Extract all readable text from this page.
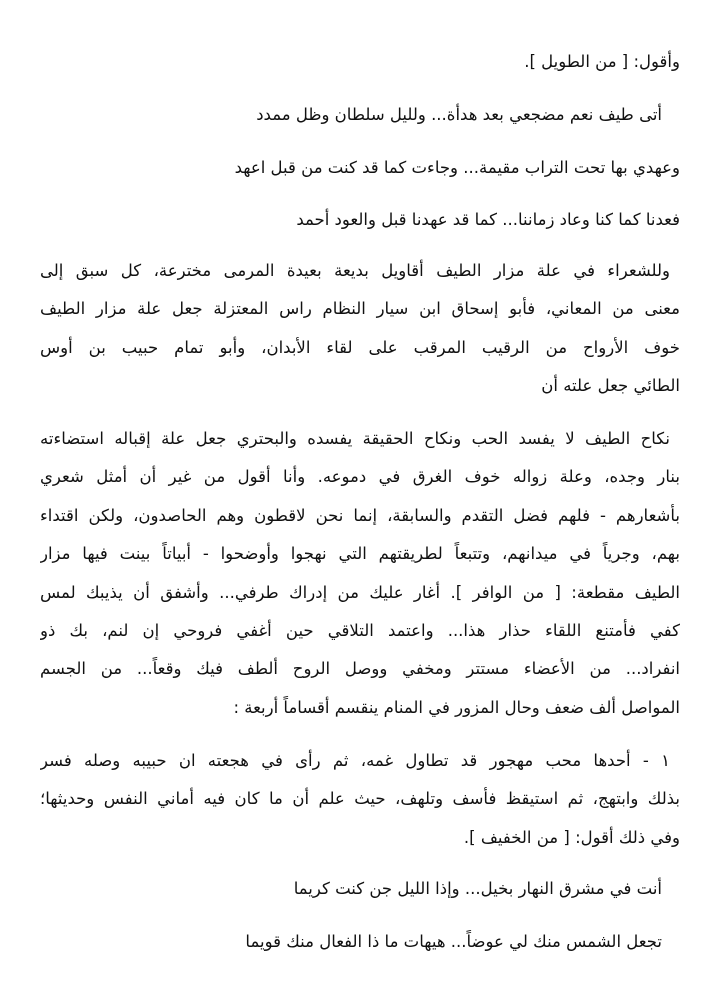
وأقول: [ من الطويل ].
أتى طيف نعم مضجعي بعد هدأة... ولليل سلطان وظل ممدد
وعهدي بها تحت التراب مقيمة... وجاءت كما قد كنت من قبل اعهد
فعدنا كما كنا وعاد زماننا... كما قد عهدنا قبل والعود أحمد
وللشعراء في علة مزار الطيف أقاويل بديعة بعيدة المرمى مخترعة، كل سبق إلى
معنى من المعاني، فأبو إسحاق ابن سيار النظام راس المعتزلة جعل علة مزار الطيف
خوف الأرواح من الرقيب المرقب على لقاء الأبدان، وأبو تمام حبيب بن أوس
الطائي جعل علته أن
نكاح الطيف لا يفسد الحب ونكاح الحقيقة يفسده والبحتري جعل علة إقباله استضاءته
بنار وجده، وعلة زواله خوف الغرق في دموعه. وأنا أقول من غير أن أمثل شعري
بأشعارهم - فلهم فضل التقدم والسابقة، إنما نحن لاقطون وهم الحاصدون، ولكن اقتداء
بهم، وجرياً في ميدانهم، وتتبعاً لطريقتهم التي نهجوا وأوضحوا - أبياتاً بينت فيها مزار
الطيف مقطعة: [ من الوافر ]. أغار عليك من إدراك طرفي... وأشفق أن يذيبك لمس
كفي فأمتنع اللقاء حذار هذا... واعتمد التلاقي حين أغفي فروحي إن لنم، بك ذو
انفراد... من الأعضاء مستتر ومخفي ووصل الروح ألطف فيك وقعاً... من الجسم
المواصل ألف ضعف وحال المزور في المنام ينقسم أقساماً أربعة :
١ - أحدها محب مهجور قد تطاول غمه، ثم رأى في هجعته ان حبيبه وصله فسر
بذلك وابتهج، ثم استيقظ فأسف وتلهف، حيث علم أن ما كان فيه أماني النفس وحديثها؛
وفي ذلك أقول: [ من الخفيف ].
أنت في مشرق النهار بخيل... وإذا الليل جن كنت كريما
تجعل الشمس منك لي عوضاً... هيهات ما ذا الفعال منك قويما
